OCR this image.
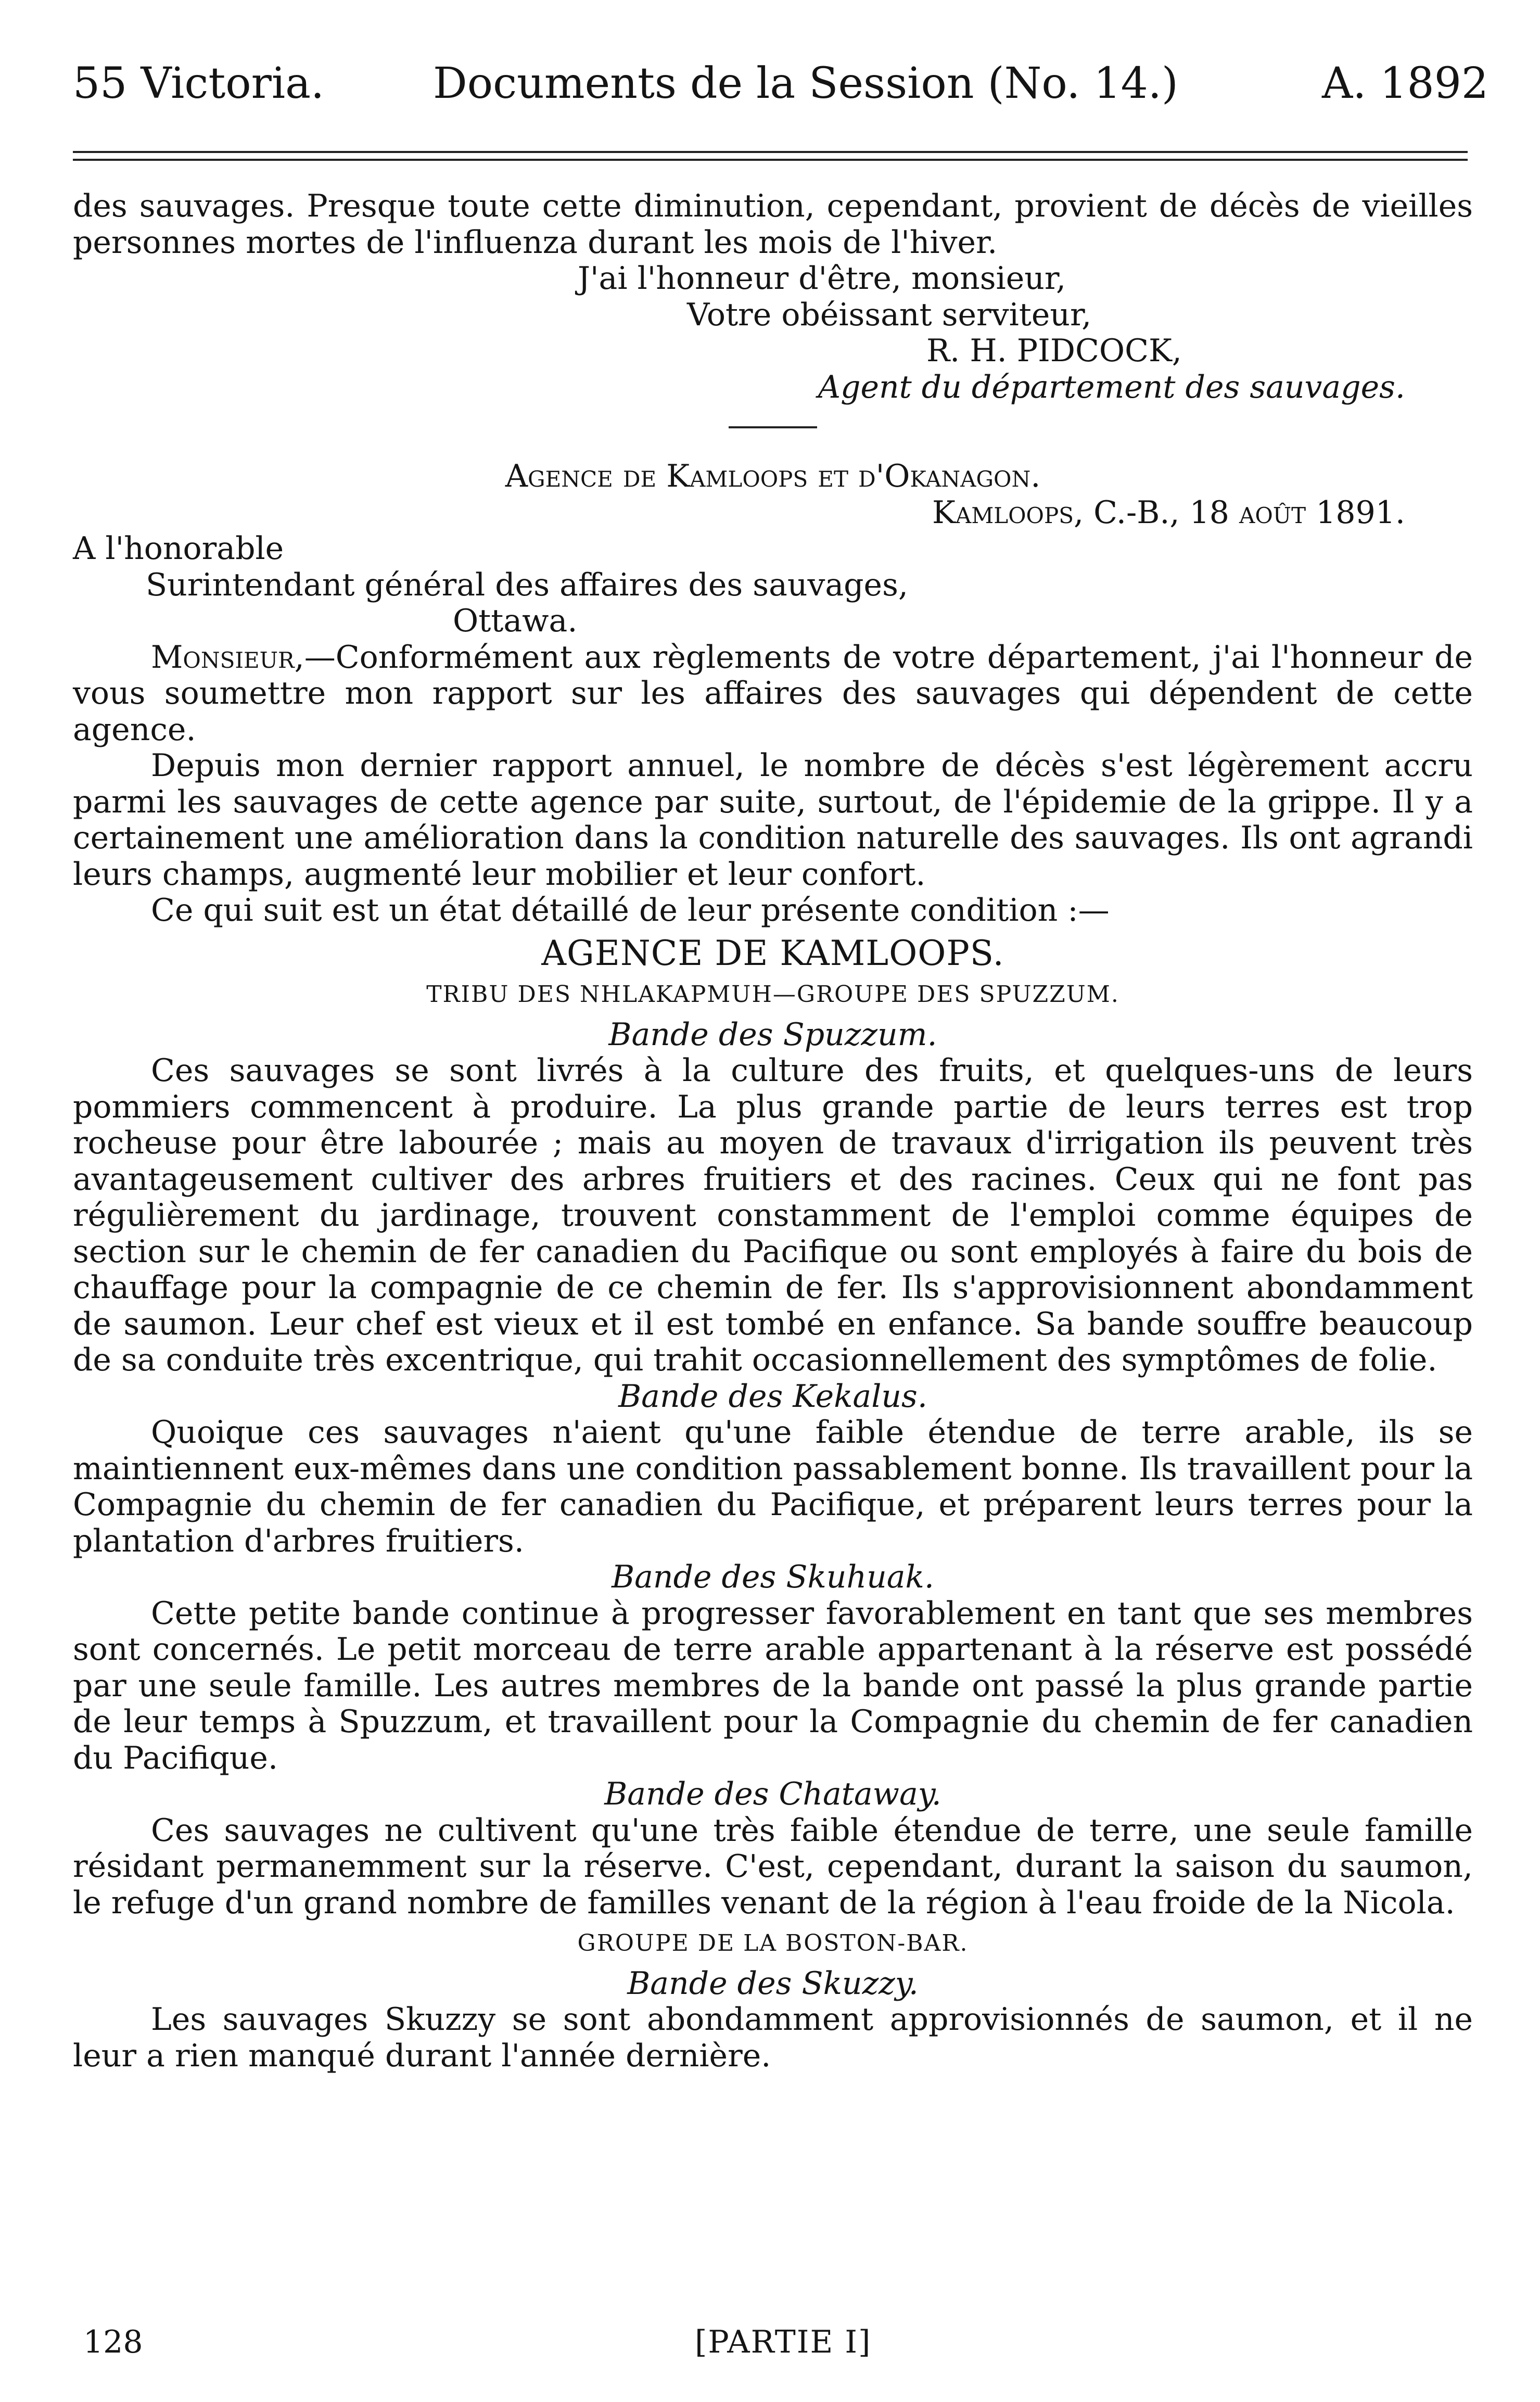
55 Victoria.	Documents de la Session (No. 14.)	A. 1892

des sauvages. Presque toute cette diminution, cependant, provient de décès de vieilles personnes mortes de l'influenza durant les mois de l'hiver.

J'ai l'honneur d'être, monsieur,
Votre obéissant serviteur,
R. H. PIDCOCK,
Agent du département des sauvages.
Agence de Kamloops et d'Okanagon.
Kamloops, C.-B., 18 août 1891.
A l'honorable
Surintendant général des affaires des sauvages,
Ottawa.

Monsieur,—Conformément aux règlements de votre département, j'ai l'honneur de vous soumettre mon rapport sur les affaires des sauvages qui dépendent de cette agence.

Depuis mon dernier rapport annuel, le nombre de décès s'est légèrement accru parmi les sauvages de cette agence par suite, surtout, de l'épidemie de la grippe. Il y a certainement une amélioration dans la condition naturelle des sauvages. Ils ont agrandi leurs champs, augmenté leur mobilier et leur confort.

Ce qui suit est un état détaillé de leur présente condition :—

AGENCE DE KAMLOOPS.
TRIBU DES NHLAKAPMUH—GROUPE DES SPUZZUM.
Bande des Spuzzum.

Ces sauvages se sont livrés à la culture des fruits, et quelques-uns de leurs pommiers commencent à produire. La plus grande partie de leurs terres est trop rocheuse pour être labourée ; mais au moyen de travaux d'irrigation ils peuvent très avantageusement cultiver des arbres fruitiers et des racines. Ceux qui ne font pas régulièrement du jardinage, trouvent constamment de l'emploi comme équipes de section sur le chemin de fer canadien du Pacifique ou sont employés à faire du bois de chauffage pour la compagnie de ce chemin de fer. Ils s'approvisionnent abondamment de saumon. Leur chef est vieux et il est tombé en enfance. Sa bande souffre beaucoup de sa conduite très excentrique, qui trahit occasionnellement des symptômes de folie.

Bande des Kekalus.

Quoique ces sauvages n'aient qu'une faible étendue de terre arable, ils se maintiennent eux-mêmes dans une condition passablement bonne. Ils travaillent pour la Compagnie du chemin de fer canadien du Pacifique, et préparent leurs terres pour la plantation d'arbres fruitiers.

Bande des Skuhuak.

Cette petite bande continue à progresser favorablement en tant que ses membres sont concernés. Le petit morceau de terre arable appartenant à la réserve est possédé par une seule famille. Les autres membres de la bande ont passé la plus grande partie de leur temps à Spuzzum, et travaillent pour la Compagnie du chemin de fer canadien du Pacifique.

Bande des Chataway.

Ces sauvages ne cultivent qu'une très faible étendue de terre, une seule famille résidant permanemment sur la réserve. C'est, cependant, durant la saison du saumon, le refuge d'un grand nombre de familles venant de la région à l'eau froide de la Nicola.

GROUPE DE LA BOSTON-BAR.
Bande des Skuzzy.

Les sauvages Skuzzy se sont abondamment approvisionnés de saumon, et il ne leur a rien manqué durant l'année dernière.

128	[PARTIE I]
